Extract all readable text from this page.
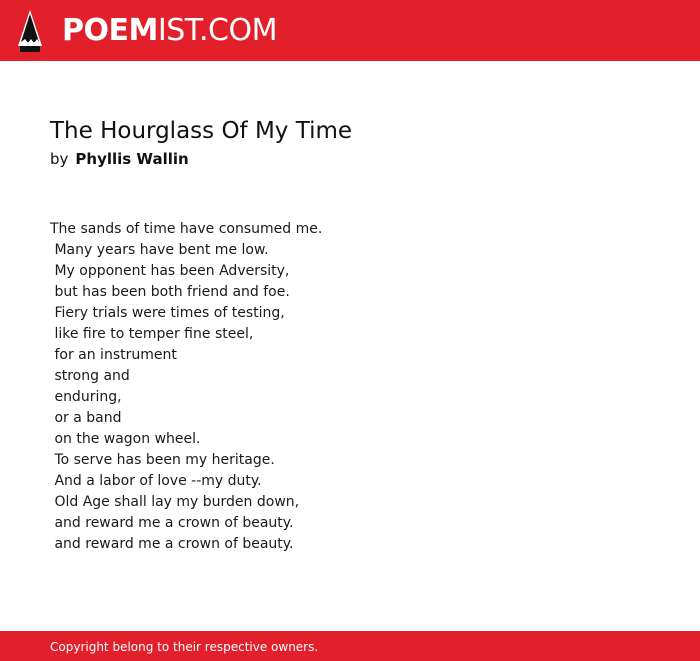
POEMIST.COM
The Hourglass Of My Time
by Phyllis Wallin
The sands of time have consumed me.
Many years have bent me low.
My opponent has been Adversity,
but has been both friend and foe.
Fiery trials were times of testing,
like fire to temper fine steel,
for an instrument
strong and
enduring,
or a band
on the wagon wheel.
To serve has been my heritage.
And a labor of love --my duty.
Old Age shall lay my burden down,
and reward me a crown of beauty.
and reward me a crown of beauty.
Copyright belong to their respective owners.
